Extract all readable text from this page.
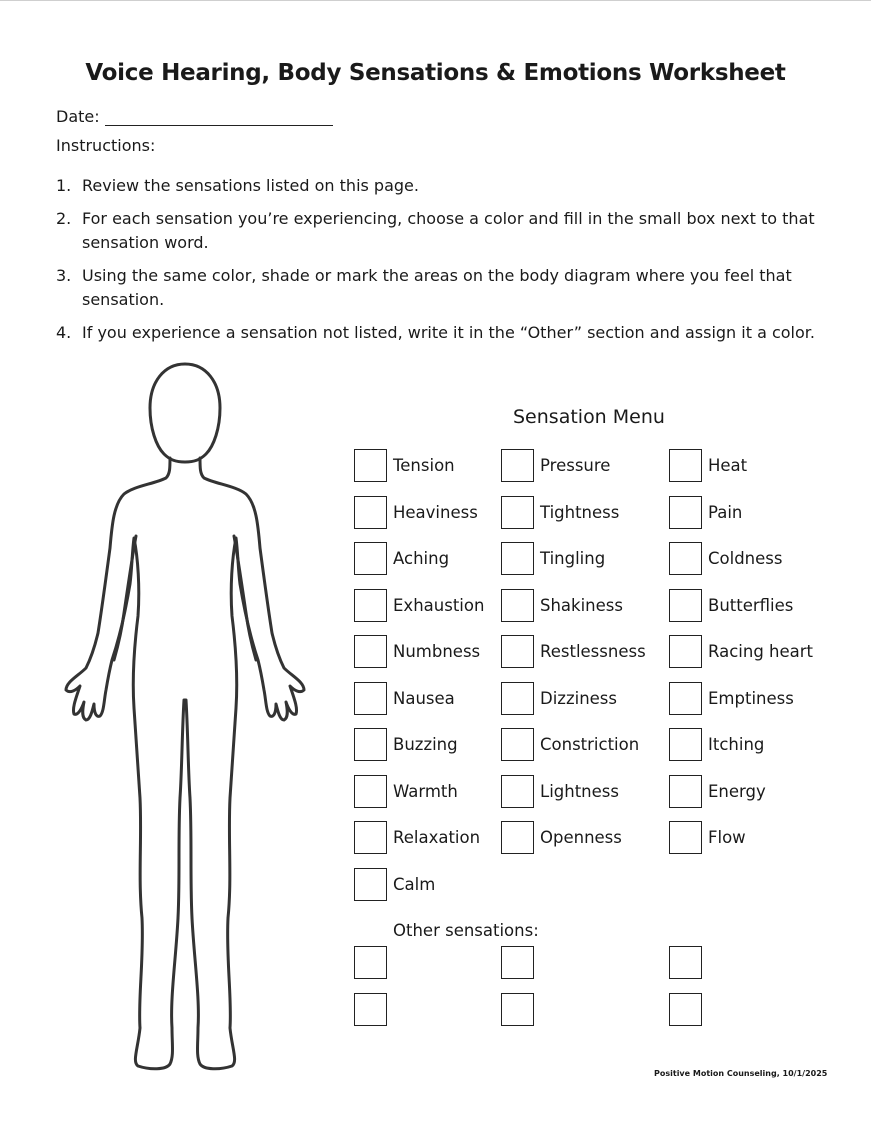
Voice Hearing, Body Sensations & Emotions Worksheet
Date:
Instructions:
1. Review the sensations listed on this page.
2. For each sensation you’re experiencing, choose a color and fill in the small box next to that sensation word.
3. Using the same color, shade or mark the areas on the body diagram where you feel that sensation.
4. If you experience a sensation not listed, write it in the “Other” section and assign it a color.
Sensation Menu
Tension	Pressure	Heat
Heaviness	Tightness	Pain
Aching	Tingling	Coldness
Exhaustion	Shakiness	Butterflies
Numbness	Restlessness	Racing heart
Nausea	Dizziness	Emptiness
Buzzing	Constriction	Itching
Warmth	Lightness	Energy
Relaxation	Openness	Flow
Calm
Other sensations:
Positive Motion Counseling, 10/1/2025
